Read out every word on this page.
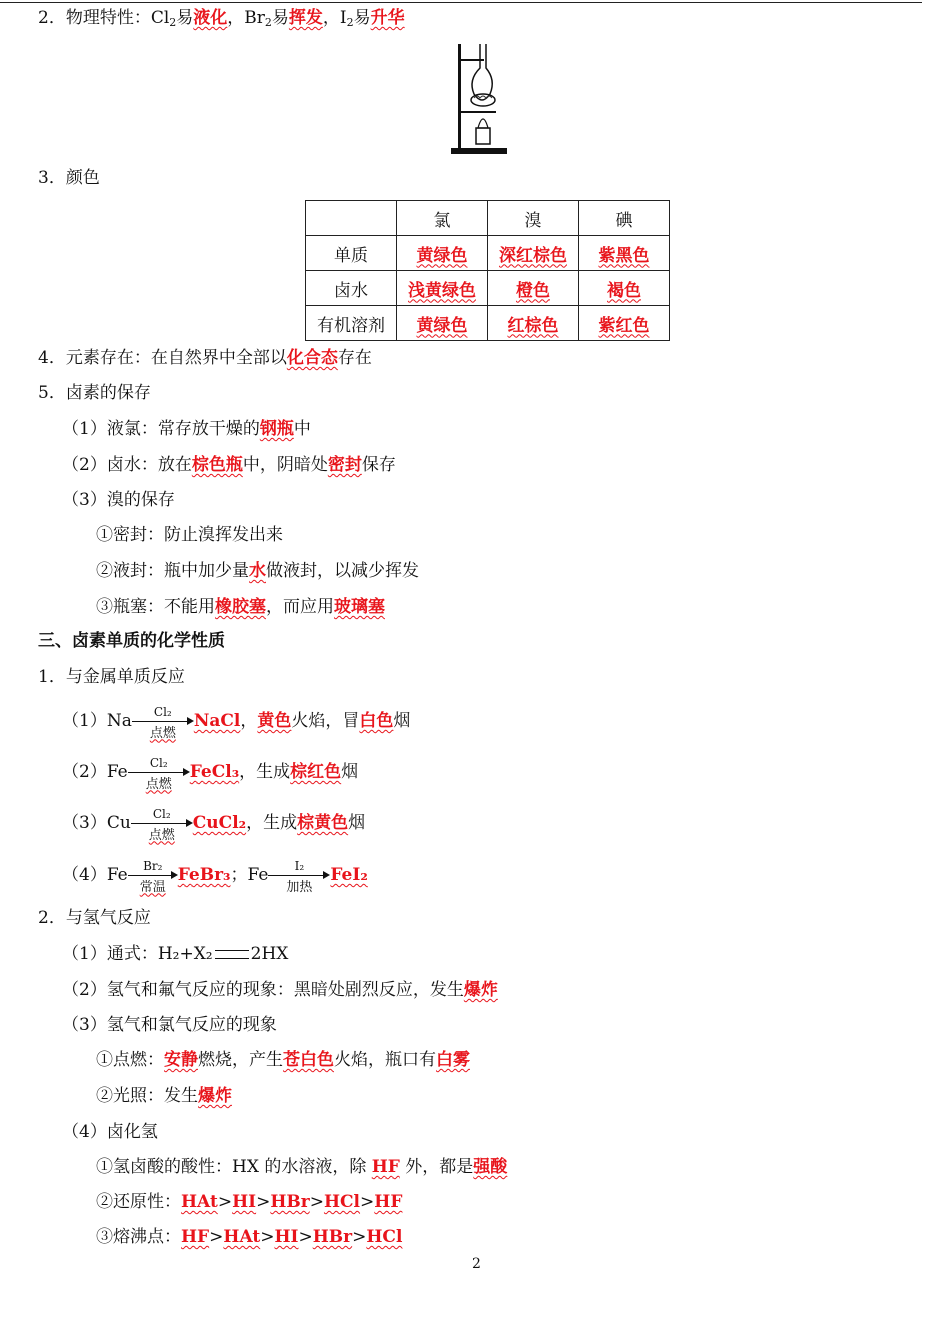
2．物理特性：$Cl_2$易液化，$Br_2$易挥发，$I_2$易升华
3．颜色
	氯	溴	碘
单质	黄绿色	深红棕色	紫黑色
卤水	浅黄绿色	橙色	褐色
有机溶剂	黄绿色	红棕色	紫红色
4．元素存在：在自然界中全部以化合态存在
5．卤素的保存
（1）液氯：常存放干燥的钢瓶中
（2）卤水：放在棕色瓶中，阴暗处密封保存
（3）溴的保存
①密封：防止溴挥发出来
②液封：瓶中加少量水做液封，以减少挥发
③瓶塞：不能用橡胶塞，而应用玻璃塞
三、卤素单质的化学性质
1．与金属单质反应
（1）Na	Cl₂
点燃
NaCl，黄色火焰，冒白色烟
（2）Fe	Cl₂
点燃
FeCl₃，生成棕红色烟
（3）Cu	Cl₂
点燃
CuCl₂，生成棕黄色烟
（4）Fe	Br₂
常温
FeBr₃；Fe	I₂
加热
FeI₂
2．与氢气反应
（1）通式：H₂+X₂ 2HX
（2）氢气和氟气反应的现象：黑暗处剧烈反应，发生爆炸
（3）氢气和氯气反应的现象
①点燃：安静燃烧，产生苍白色火焰，瓶口有白雾
②光照：发生爆炸
（4）卤化氢
①氢卤酸的酸性：HX 的水溶液，除 HF 外，都是强酸
②还原性：HAt>HI>HBr>HCl>HF
③熔沸点：HF>HAt>HI>HBr>HCl
2
